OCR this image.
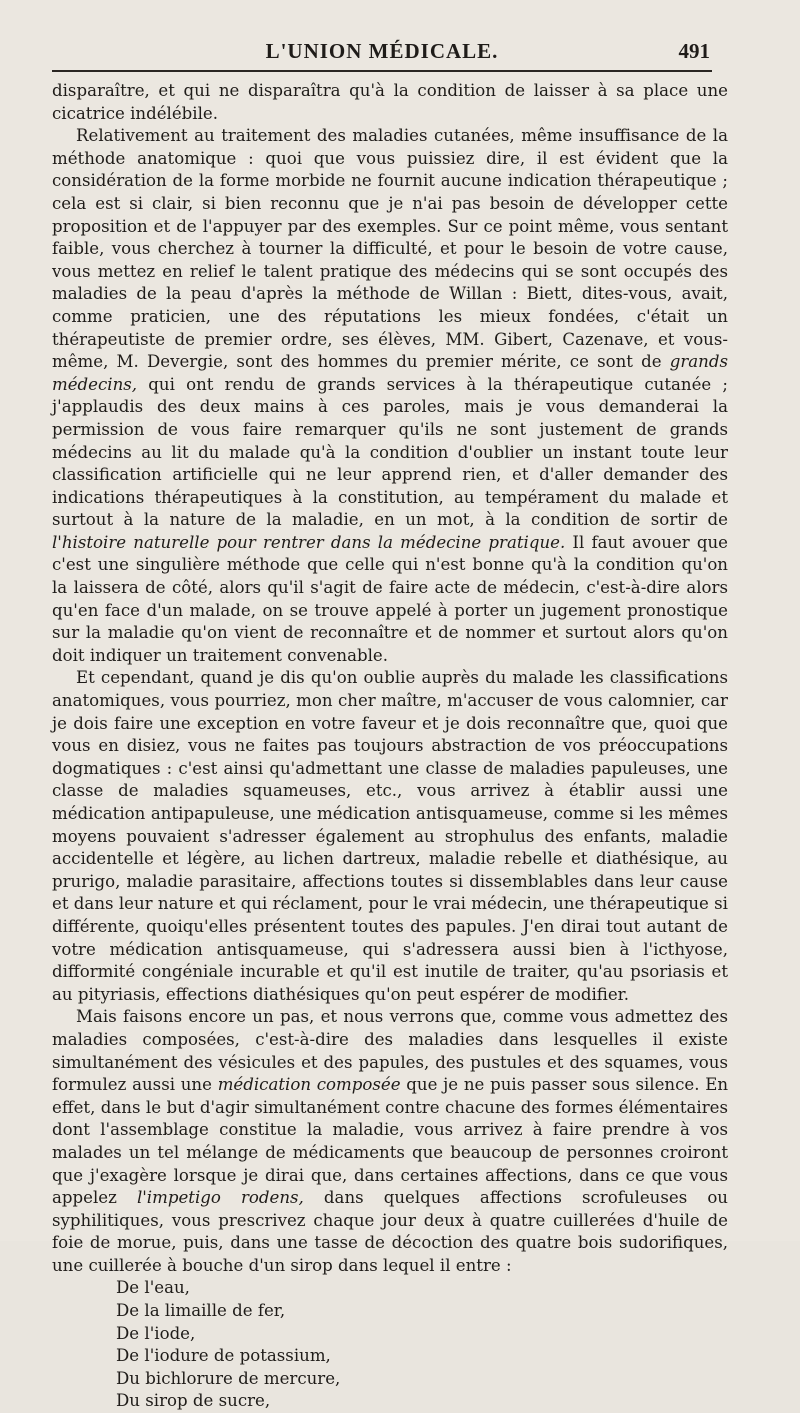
L'UNION MÉDICALE.	491

disparaître, et qui ne disparaîtra qu'à la condition de laisser à sa place une cicatrice indélébile.

Relativement au traitement des maladies cutanées, même insuffisance de la méthode anatomique : quoi que vous puissiez dire, il est évident que la considération de la forme morbide ne fournit aucune indication thérapeutique ; cela est si clair, si bien reconnu que je n'ai pas besoin de développer cette proposition et de l'appuyer par des exemples. Sur ce point même, vous sentant faible, vous cherchez à tourner la difficulté, et pour le besoin de votre cause, vous mettez en relief le talent pratique des médecins qui se sont occupés des maladies de la peau d'après la méthode de Willan : Biett, dites-vous, avait, comme praticien, une des réputations les mieux fondées, c'était un thérapeutiste de premier ordre, ses élèves, MM. Gibert, Cazenave, et vous-même, M. Devergie, sont des hommes du premier mérite, ce sont de grands médecins, qui ont rendu de grands services à la thérapeutique cutanée ; j'applaudis des deux mains à ces paroles, mais je vous demanderai la permission de vous faire remarquer qu'ils ne sont justement de grands médecins au lit du malade qu'à la condition d'oublier un instant toute leur classification artificielle qui ne leur apprend rien, et d'aller demander des indications thérapeutiques à la constitution, au tempérament du malade et surtout à la nature de la maladie, en un mot, à la condition de sortir de l'histoire naturelle pour rentrer dans la médecine pratique. Il faut avouer que c'est une singulière méthode que celle qui n'est bonne qu'à la condition qu'on la laissera de côté, alors qu'il s'agit de faire acte de médecin, c'est-à-dire alors qu'en face d'un malade, on se trouve appelé à porter un jugement pronostique sur la maladie qu'on vient de reconnaître et de nommer et surtout alors qu'on doit indiquer un traitement convenable.

Et cependant, quand je dis qu'on oublie auprès du malade les classifications anatomiques, vous pourriez, mon cher maître, m'accuser de vous calomnier, car je dois faire une exception en votre faveur et je dois reconnaître que, quoi que vous en disiez, vous ne faites pas toujours abstraction de vos préoccupations dogmatiques : c'est ainsi qu'admettant une classe de maladies papuleuses, une classe de maladies squameuses, etc., vous arrivez à établir aussi une médication antipapuleuse, une médication antisquameuse, comme si les mêmes moyens pouvaient s'adresser également au strophulus des enfants, maladie accidentelle et légère, au lichen dartreux, maladie rebelle et diathésique, au prurigo, maladie parasitaire, affections toutes si dissemblables dans leur cause et dans leur nature et qui réclament, pour le vrai médecin, une thérapeutique si différente, quoiqu'elles présentent toutes des papules. J'en dirai tout autant de votre médication antisquameuse, qui s'adressera aussi bien à l'icthyose, difformité congéniale incurable et qu'il est inutile de traiter, qu'au psoriasis et au pityriasis, effections diathésiques qu'on peut espérer de modifier.

Mais faisons encore un pas, et nous verrons que, comme vous admettez des maladies composées, c'est-à-dire des maladies dans lesquelles il existe simultanément des vésicules et des papules, des pustules et des squames, vous formulez aussi une médication composée que je ne puis passer sous silence. En effet, dans le but d'agir simultanément contre chacune des formes élémentaires dont l'assemblage constitue la maladie, vous arrivez à faire prendre à vos malades un tel mélange de médicaments que beaucoup de personnes croiront que j'exagère lorsque je dirai que, dans certaines affections, dans ce que vous appelez l'impetigo rodens, dans quelques affections scrofuleuses ou syphilitiques, vous prescrivez chaque jour deux à quatre cuillerées d'huile de foie de morue, puis, dans une tasse de décoction des quatre bois sudorifiques, une cuillerée à bouche d'un sirop dans lequel il entre :

De l'eau,
De la limaille de fer,
De l'iode,
De l'iodure de potassium,
Du bichlorure de mercure,
Du sirop de sucre,
